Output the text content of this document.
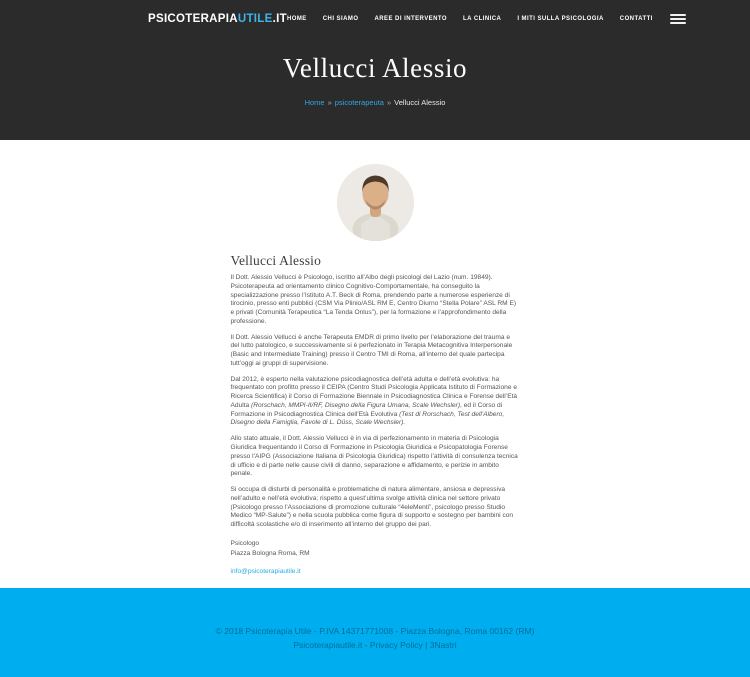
PSICOTERAPIAUTILE.IT HOME	CHI SIAMO	AREE DI INTERVENTO	LA CLINICA	I MITI SULLA PSICOLOGIA	CONTATTI
Vellucci Alessio
Home » psicoterapeuta » Vellucci Alessio
Vellucci Alessio

Il Dott. Alessio Vellucci è Psicologo, iscritto all’Albo degli psicologi del Lazio (num. 19849). Psicoterapeuta ad orientamento clinico Cognitivo-Comportamentale, ha conseguito la specializzazione presso l’Istituto A.T. Beck di Roma, prendendo parte a numerose esperienze di tirocinio, presso enti pubblici (CSM Via Plinio/ASL RM E, Centro Diurno “Stella Polare” ASL RM E) e privati (Comunità Terapeutica “La Tenda Onlus”), per la formazione e l’approfondimento della professione.

Il Dott. Alessio Vellucci è anche Terapeuta EMDR di primo livello per l’elaborazione del trauma e del lutto patologico, e successivamente si è perfezionato in Terapia Metacognitiva Interpersonale (Basic and Intermediate Training) presso il Centro TMI di Roma, all’interno del quale partecipa tutt’oggi ai gruppi di supervisione.

Dal 2012, è esperto nella valutazione psicodiagnostica dell’età adulta e dell’età evolutiva: ha frequentato con profitto presso il CEIPA (Centro Studi Psicologia Applicata Istituto di Formazione e Ricerca Scientifica) il Corso di Formazione Biennale in Psicodiagnostica Clinica e Forense dell’Età Adulta (Rorschach, MMPI-II/RF, Disegno della Figura Umana, Scale Wechsler), ed il Corso di Formazione in Psicodiagnostica Clinica dell’Età Evolutiva (Test di Rorschach, Test dell’Albero, Disegno della Famiglia, Favole di L. Düss, Scale Wechsler).

Allo stato attuale, il Dott. Alessio Vellucci è in via di perfezionamento in materia di Psicologia Giuridica frequentando il Corso di Formazione in Psicologia Giuridica e Psicopatologia Forense presso l’AIPG (Associazione Italiana di Psicologia Giuridica) rispetto l’attività di consulenza tecnica di ufficio e di parte nelle cause civili di danno, separazione e affidamento, e perizie in ambito penale.

Si occupa di disturbi di personalità e problematiche di natura alimentare, ansiosa e depressiva nell’adulto e nell’età evolutiva; rispetto a quest’ultima svolge attività clinica nel settore privato (Psicologo presso l’Associazione di promozione culturale “4eleMenti”, psicologo presso Studio Medico “MP-Salute”) e nella scuola pubblica come figura di supporto e sostegno per bambini con difficoltà scolastiche e/o di inserimento all’interno del gruppo dei pari.

Psicologo
Piazza Bologna Roma, RM
info@psicoterapiautile.it
© 2018 Psicoterapia Utile - P.IVA 14371771008 - Piazza Bologna, Roma 00162 (RM)
Psicoterapiautile.it - Privacy Policy | 3Nastri
